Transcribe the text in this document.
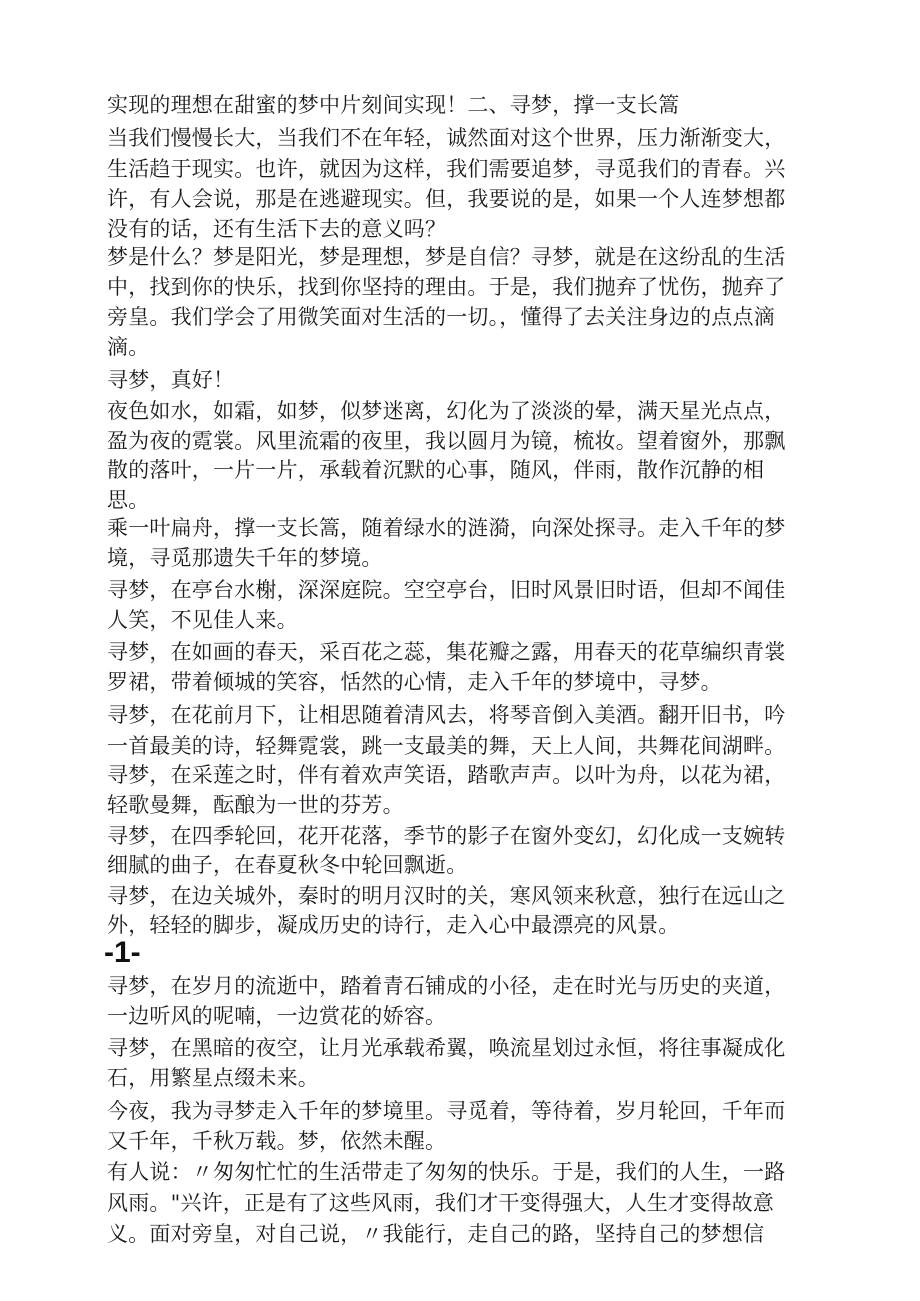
实现的理想在甜蜜的梦中片刻间实现！二、寻梦，撑一支长篙
当我们慢慢长大，当我们不在年轻，诚然面对这个世界，压力渐渐变大，
生活趋于现实。也许，就因为这样，我们需要追梦，寻觅我们的青春。兴
许，有人会说，那是在逃避现实。但，我要说的是，如果一个人连梦想都
没有的话，还有生活下去的意义吗？
梦是什么？梦是阳光，梦是理想，梦是自信？寻梦，就是在这纷乱的生活
中，找到你的快乐，找到你坚持的理由。于是，我们抛弃了忧伤，抛弃了
旁皇。我们学会了用微笑面对生活的一切。，懂得了去关注身边的点点滴
滴。
寻梦，真好！
夜色如水，如霜，如梦，似梦迷离，幻化为了淡淡的晕，满天星光点点，
盈为夜的霓裳。风里流霜的夜里，我以圆月为镜，梳妆。望着窗外，那飘
散的落叶，一片一片，承载着沉默的心事，随风，伴雨，散作沉静的相
思。
乘一叶扁舟，撑一支长篙，随着绿水的涟漪，向深处探寻。走入千年的梦
境，寻觅那遗失千年的梦境。
寻梦，在亭台水榭，深深庭院。空空亭台，旧时风景旧时语，但却不闻佳
人笑，不见佳人来。
寻梦，在如画的春天，采百花之蕊，集花瓣之露，用春天的花草编织青裳
罗裙，带着倾城的笑容，恬然的心情，走入千年的梦境中，寻梦。
寻梦，在花前月下，让相思随着清风去，将琴音倒入美酒。翻开旧书，吟
一首最美的诗，轻舞霓裳，跳一支最美的舞，天上人间，共舞花间湖畔。
寻梦，在采莲之时，伴有着欢声笑语，踏歌声声。以叶为舟，以花为裙，
轻歌曼舞，酝酿为一世的芬芳。
寻梦，在四季轮回，花开花落，季节的影子在窗外变幻，幻化成一支婉转
细腻的曲子，在春夏秋冬中轮回飘逝。
寻梦，在边关城外，秦时的明月汉时的关，寒风领来秋意，独行在远山之
外，轻轻的脚步，凝成历史的诗行，走入心中最漂亮的风景。
-1-
寻梦，在岁月的流逝中，踏着青石铺成的小径，走在时光与历史的夹道，
一边听风的呢喃，一边赏花的娇容。
寻梦，在黑暗的夜空，让月光承载希翼，唤流星划过永恒，将往事凝成化
石，用繁星点缀未来。
今夜，我为寻梦走入千年的梦境里。寻觅着，等待着，岁月轮回，千年而
又千年，千秋万载。梦，依然未醒。
有人说：〃匆匆忙忙的生活带走了匆匆的快乐。于是，我们的人生，一路
风雨。"兴许，正是有了这些风雨，我们才干变得强大，人生才变得故意
义。面对旁皇，对自己说，〃我能行，走自己的路，坚持自己的梦想信
